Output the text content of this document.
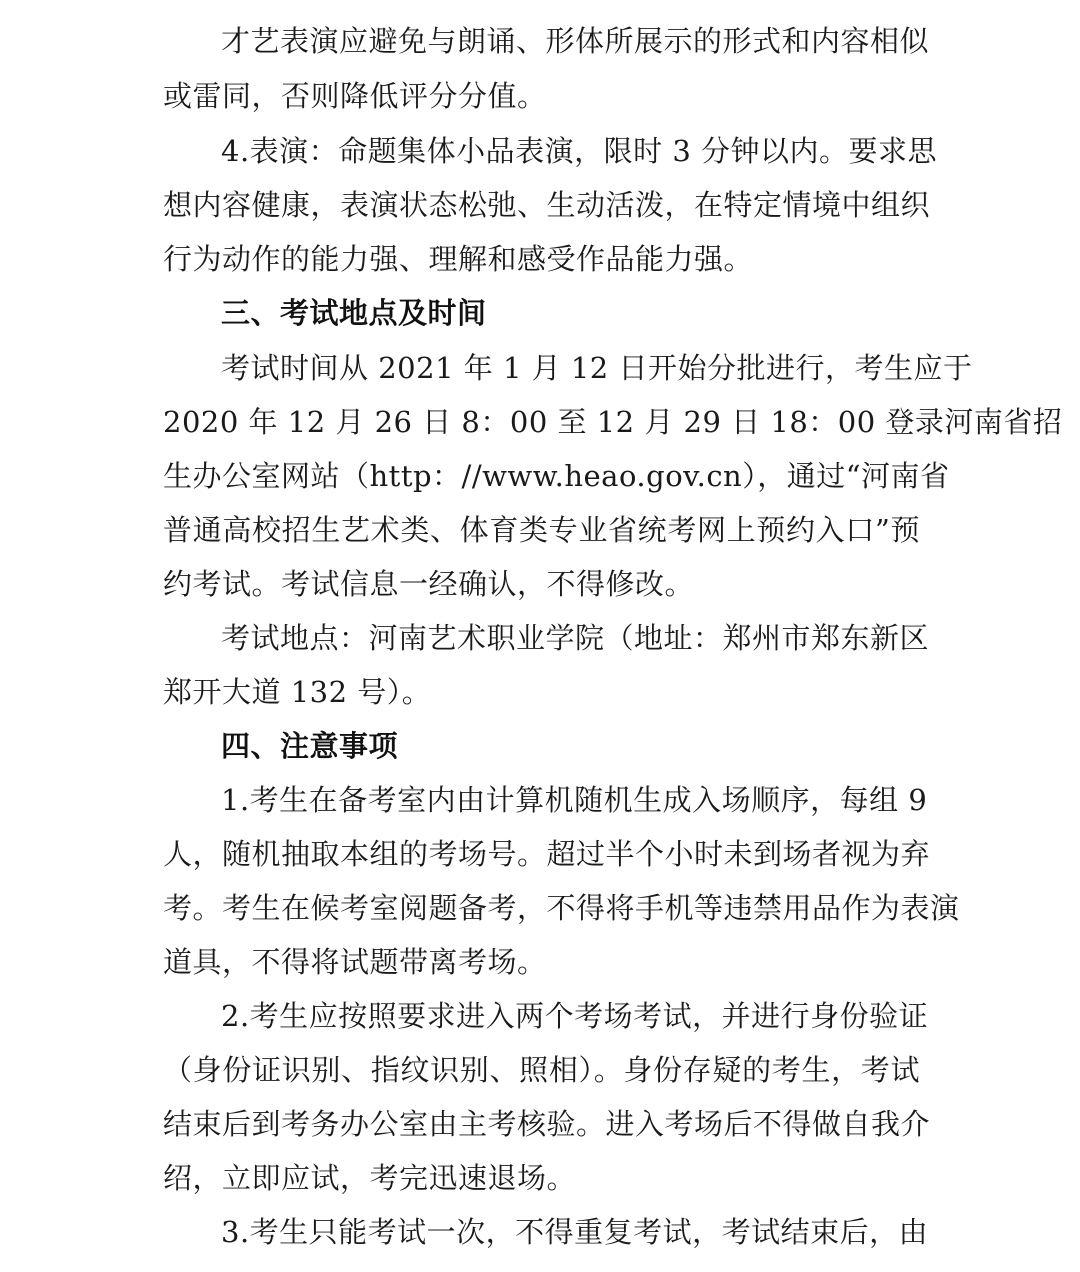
才艺表演应避免与朗诵、形体所展示的形式和内容相似
或雷同，否则降低评分分值。
4.表演：命题集体小品表演，限时 3 分钟以内。要求思
想内容健康，表演状态松弛、生动活泼，在特定情境中组织
行为动作的能力强、理解和感受作品能力强。
三、考试地点及时间
考试时间从 2021 年 1 月 12 日开始分批进行，考生应于
2020 年 12 月 26 日 8：00 至 12 月 29 日 18：00 登录河南省招
生办公室网站（http：//www.heao.gov.cn），通过“河南省
普通高校招生艺术类、体育类专业省统考网上预约入口”预
约考试。考试信息一经确认，不得修改。
考试地点：河南艺术职业学院（地址：郑州市郑东新区
郑开大道 132 号）。
四、注意事项
1.考生在备考室内由计算机随机生成入场顺序，每组 9
人，随机抽取本组的考场号。超过半个小时未到场者视为弃
考。考生在候考室阅题备考，不得将手机等违禁用品作为表演
道具，不得将试题带离考场。
2.考生应按照要求进入两个考场考试，并进行身份验证
（身份证识别、指纹识别、照相）。身份存疑的考生，考试
结束后到考务办公室由主考核验。进入考场后不得做自我介
绍，立即应试，考完迅速退场。
3.考生只能考试一次，不得重复考试，考试结束后，由
